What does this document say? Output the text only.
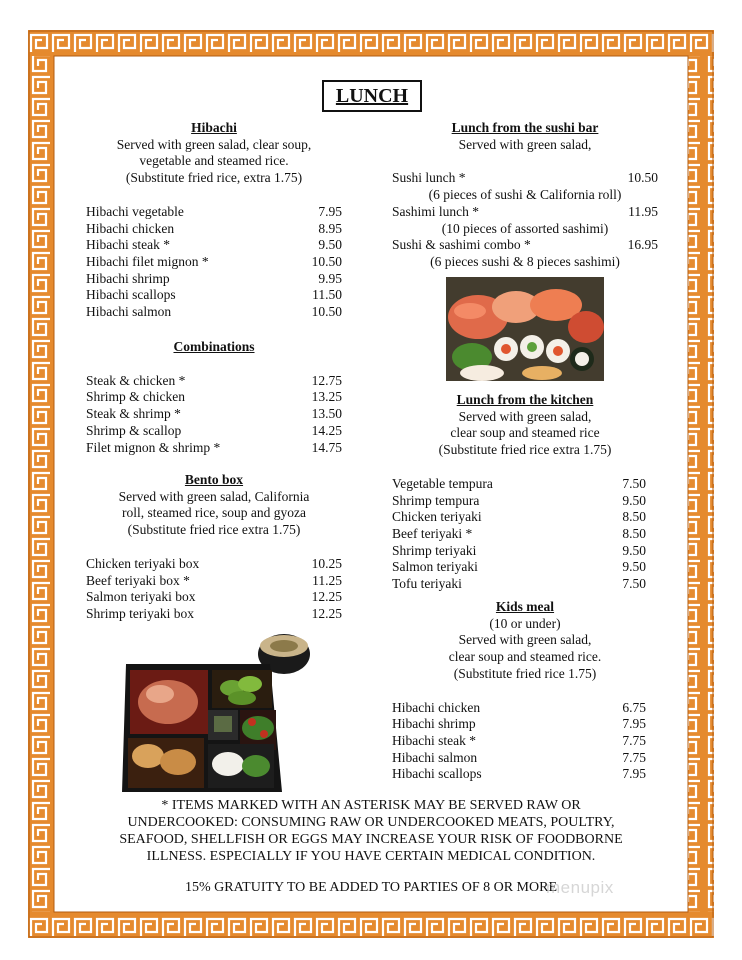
LUNCH
Hibachi
Served with green salad, clear soup,
vegetable and steamed rice.
(Substitute fried rice, extra 1.75)
Hibachi vegetable	7.95
Hibachi chicken	8.95
Hibachi steak *	9.50
Hibachi filet mignon *	10.50
Hibachi shrimp	9.95
Hibachi scallops	11.50
Hibachi salmon	10.50
Combinations
Steak & chicken *	12.75
Shrimp & chicken	13.25
Steak & shrimp *	13.50
Shrimp & scallop	14.25
Filet mignon & shrimp *	14.75
Bento box
Served with green salad, California
roll, steamed rice, soup and gyoza
(Substitute fried rice extra 1.75)
Chicken teriyaki box	10.25
Beef teriyaki box *	11.25
Salmon teriyaki box	12.25
Shrimp teriyaki box	12.25
Lunch from the sushi bar
Served with green salad,
Sushi lunch *	10.50
(6 pieces of sushi & California roll)
Sashimi lunch *	11.95
(10 pieces of assorted sashimi)
Sushi & sashimi combo *	16.95
(6 pieces sushi & 8 pieces sashimi)
Lunch from the kitchen
Served with green salad,
clear soup and steamed rice
(Substitute fried rice extra 1.75)
Vegetable tempura	7.50
Shrimp tempura	9.50
Chicken teriyaki	8.50
Beef teriyaki *	8.50
Shrimp teriyaki	9.50
Salmon teriyaki	9.50
Tofu teriyaki	7.50
Kids meal
(10 or under)
Served with green salad,
clear soup and steamed rice.
(Substitute fried rice 1.75)
Hibachi chicken	6.75
Hibachi shrimp	7.95
Hibachi steak *	7.75
Hibachi salmon	7.75
Hibachi scallops	7.95
* ITEMS MARKED WITH AN ASTERISK MAY BE SERVED RAW OR
UNDERCOOKED: CONSUMING RAW OR UNDERCOOKED MEATS, POULTRY,
SEAFOOD, SHELLFISH OR EGGS MAY INCREASE YOUR RISK OF FOODBORNE
ILLNESS. ESPECIALLY IF YOU HAVE CERTAIN MEDICAL CONDITION.
15% GRATUITY TO BE ADDED TO PARTIES OF 8 OR MORE
menupix
